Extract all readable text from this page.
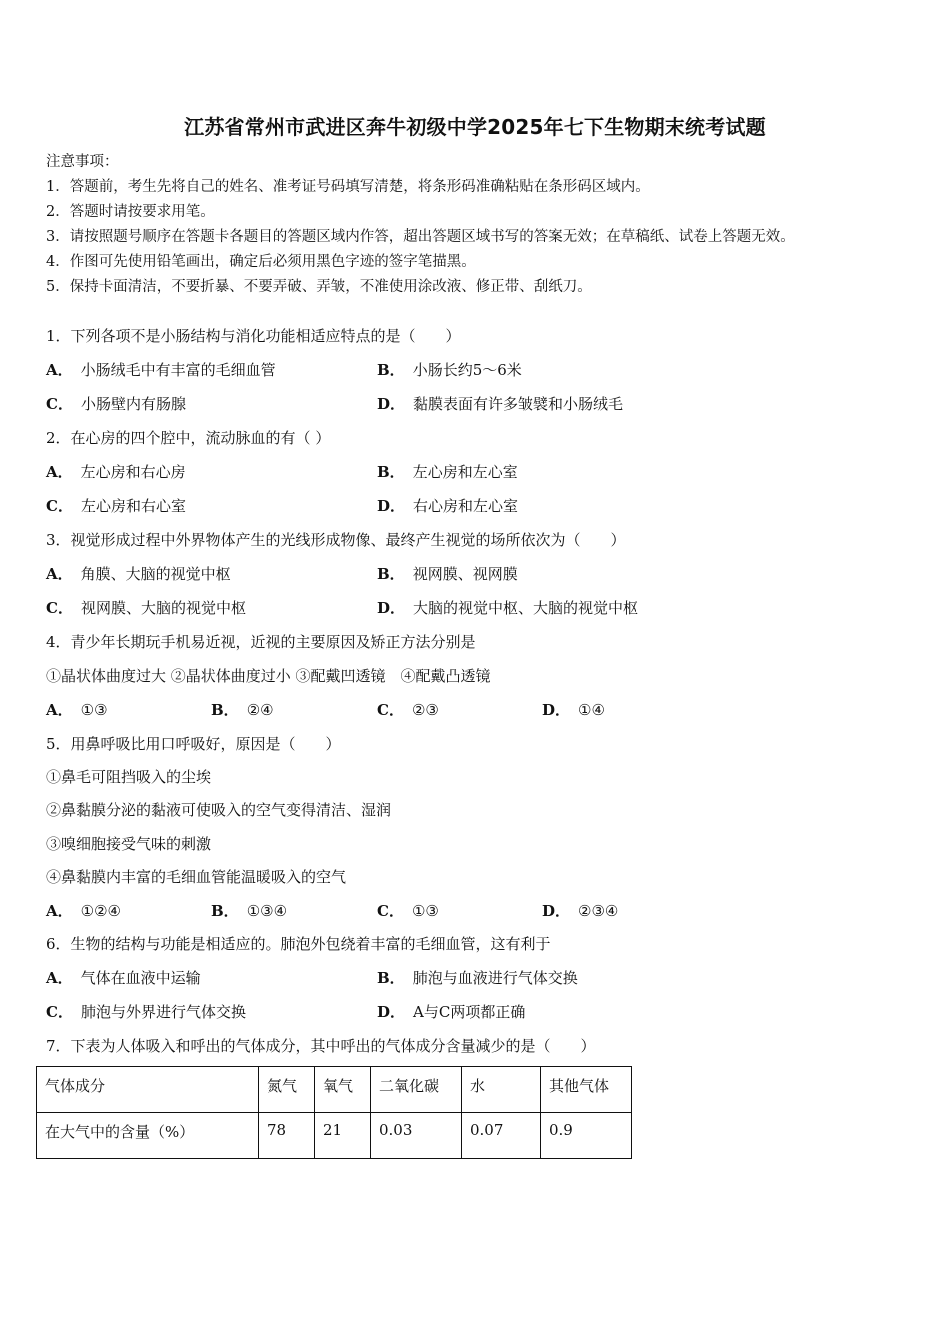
江苏省常州市武进区奔牛初级中学2025年七下生物期末统考试题
注意事项：
1．答题前，考生先将自己的姓名、准考证号码填写清楚，将条形码准确粘贴在条形码区域内。
2．答题时请按要求用笔。
3．请按照题号顺序在答题卡各题目的答题区域内作答，超出答题区域书写的答案无效；在草稿纸、试卷上答题无效。
4．作图可先使用铅笔画出，确定后必须用黑色字迹的签字笔描黑。
5．保持卡面清洁，不要折暴、不要弄破、弄皱，不准使用涂改液、修正带、刮纸刀。
1．下列各项不是小肠结构与消化功能相适应特点的是（　　）
A． 小肠绒毛中有丰富的毛细血管	B． 小肠长约5～6米
C． 小肠壁内有肠腺	D． 黏膜表面有许多皱襞和小肠绒毛
2．在心房的四个腔中，流动脉血的有（ ）
A． 左心房和右心房	B． 左心房和左心室
C． 左心房和右心室	D． 右心房和左心室
3．视觉形成过程中外界物体产生的光线形成物像、最终产生视觉的场所依次为（　　）
A． 角膜、大脑的视觉中枢	B． 视网膜、视网膜
C． 视网膜、大脑的视觉中枢	D． 大脑的视觉中枢、大脑的视觉中枢
4．青少年长期玩手机易近视，近视的主要原因及矫正方法分别是
①晶状体曲度过大 ②晶状体曲度过小 ③配戴凹透镜　④配戴凸透镜
A． ①③	B． ②④	C． ②③	D． ①④
5．用鼻呼吸比用口呼吸好，原因是（　　）
①鼻毛可阻挡吸入的尘埃
②鼻黏膜分泌的黏液可使吸入的空气变得清洁、湿润
③嗅细胞接受气味的刺激
④鼻黏膜内丰富的毛细血管能温暖吸入的空气
A． ①②④	B． ①③④	C． ①③	D． ②③④
6．生物的结构与功能是相适应的。肺泡外包绕着丰富的毛细血管，这有利于
A． 气体在血液中运输	B． 肺泡与血液进行气体交换
C． 肺泡与外界进行气体交换	D． A与C两项都正确
7．下表为人体吸入和呼出的气体成分，其中呼出的气体成分含量减少的是（　　）
气体成分	氮气	氧气	二氧化碳	水	其他气体
在大气中的含量（%）	78	21	0.03	0.07	0.9
